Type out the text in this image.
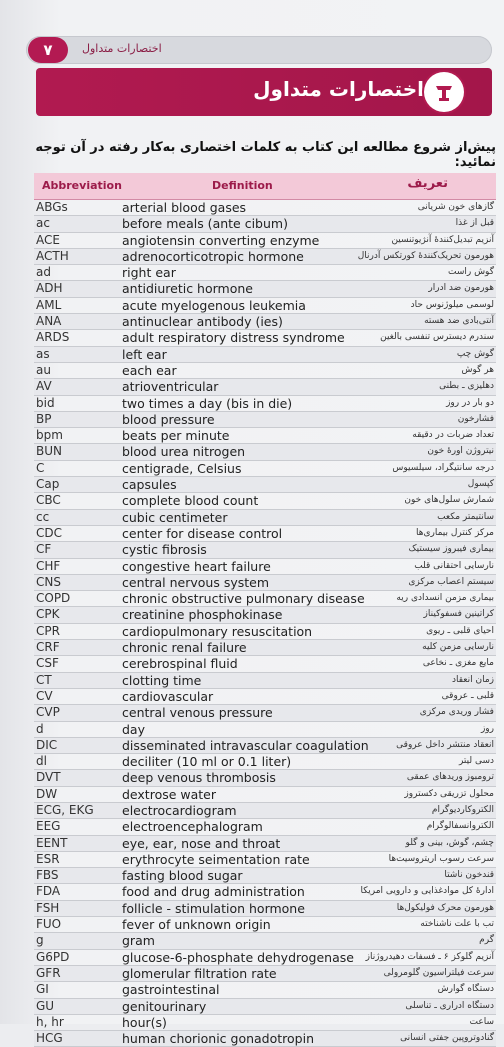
۷	اختصارات متداول
اختصارات متداول
پیش‌از شروع مطالعه این کتاب به کلمات اختصاری به‌کار رفته در آن توجه نمائید:
Abbreviation	Definition	تعریف
ABGs	arterial blood gases	گازهای خون شریانی
ac	before meals (ante cibum)	قبل از غذا
ACE	angiotensin converting enzyme	آنزیم تبدیل‌کنندهٔ آنژیوتنسین
ACTH	adrenocorticotropic hormone	هورمون تحریک‌کنندهٔ کورتکس آدرنال
ad	right ear	گوش راست
ADH	antidiuretic hormone	هورمون ضد ادرار
AML	acute myelogenous leukemia	لوسمی میلوژنوس حاد
ANA	antinuclear antibody (ies)	آنتی‌بادی ضد هسته
ARDS	adult respiratory distress syndrome	سندرم دیسترس تنفسی بالغین
as	left ear	گوش چپ
au	each ear	هر گوش
AV	atrioventricular	دهلیزی ـ بطنی
bid	two times a day (bis in die)	دو بار در روز
BP	blood pressure	فشارخون
bpm	beats per minute	تعداد ضربات در دقیقه
BUN	blood urea nitrogen	نیتروژن اورهٔ خون
C	centigrade, Celsius	درجه سانتیگراد، سیلسیوس
Cap	capsules	کپسول
CBC	complete blood count	شمارش سلول‌های خون
cc	cubic centimeter	سانتیمتر مکعب
CDC	center for disease control	مرکز کنترل بیماری‌ها
CF	cystic fibrosis	بیماری فیبروز سیستیک
CHF	congestive heart failure	نارسایی احتقانی قلب
CNS	central nervous system	سیستم اعصاب مرکزی
COPD	chronic obstructive pulmonary disease	بیماری مزمن انسدادی ریه
CPK	creatinine phosphokinase	کراتینین فسفوکیناز
CPR	cardiopulmonary resuscitation	احیای قلبی ـ ریوی
CRF	chronic renal failure	نارسایی مزمن کلیه
CSF	cerebrospinal fluid	مایع مغزی ـ نخاعی
CT	clotting time	زمان انعقاد
CV	cardiovascular	قلبی ـ عروقی
CVP	central venous pressure	فشار وریدی مرکزی
d	day	روز
DIC	disseminated intravascular coagulation	انعقاد منتشر داخل عروقی
dl	deciliter (10 ml or 0.1 liter)	دسی لیتر
DVT	deep venous thrombosis	ترومبوز وریدهای عمقی
DW	dextrose water	محلول تزریقی دکستروز
ECG, EKG electrocardiogram	الکتروکاردیوگرام
EEG	electroencephalogram	الکتروانسفالوگرام
EENT	eye, ear, nose and throat	چشم، گوش، بینی و گلو
ESR	erythrocyte seimentation rate	سرعت رسوب اریتروسیت‌ها
FBS	fasting blood sugar	قندخون ناشتا
FDA	food and drug administration	ادارهٔ کل موادغذایی و دارویی امریکا
FSH	follicle - stimulation hormone	هورمون محرک فولیکول‌ها
FUO	fever of unknown origin	تب با علت ناشناخته
g	gram	گرم
G6PD	glucose-6-phosphate dehydrogenase آنزیم گلوکز ۶ ـ فسفات دهیدروژناز
GFR	glomerular filtration rate	سرعت فیلتراسیون گلومرولی
GI	gastrointestinal	دستگاه گوارش
GU	genitourinary	دستگاه ادراری ـ تناسلی
h, hr	hour(s)	ساعت
HCG	human chorionic gonadotropin	گنادوتروپین جفتی انسانی
